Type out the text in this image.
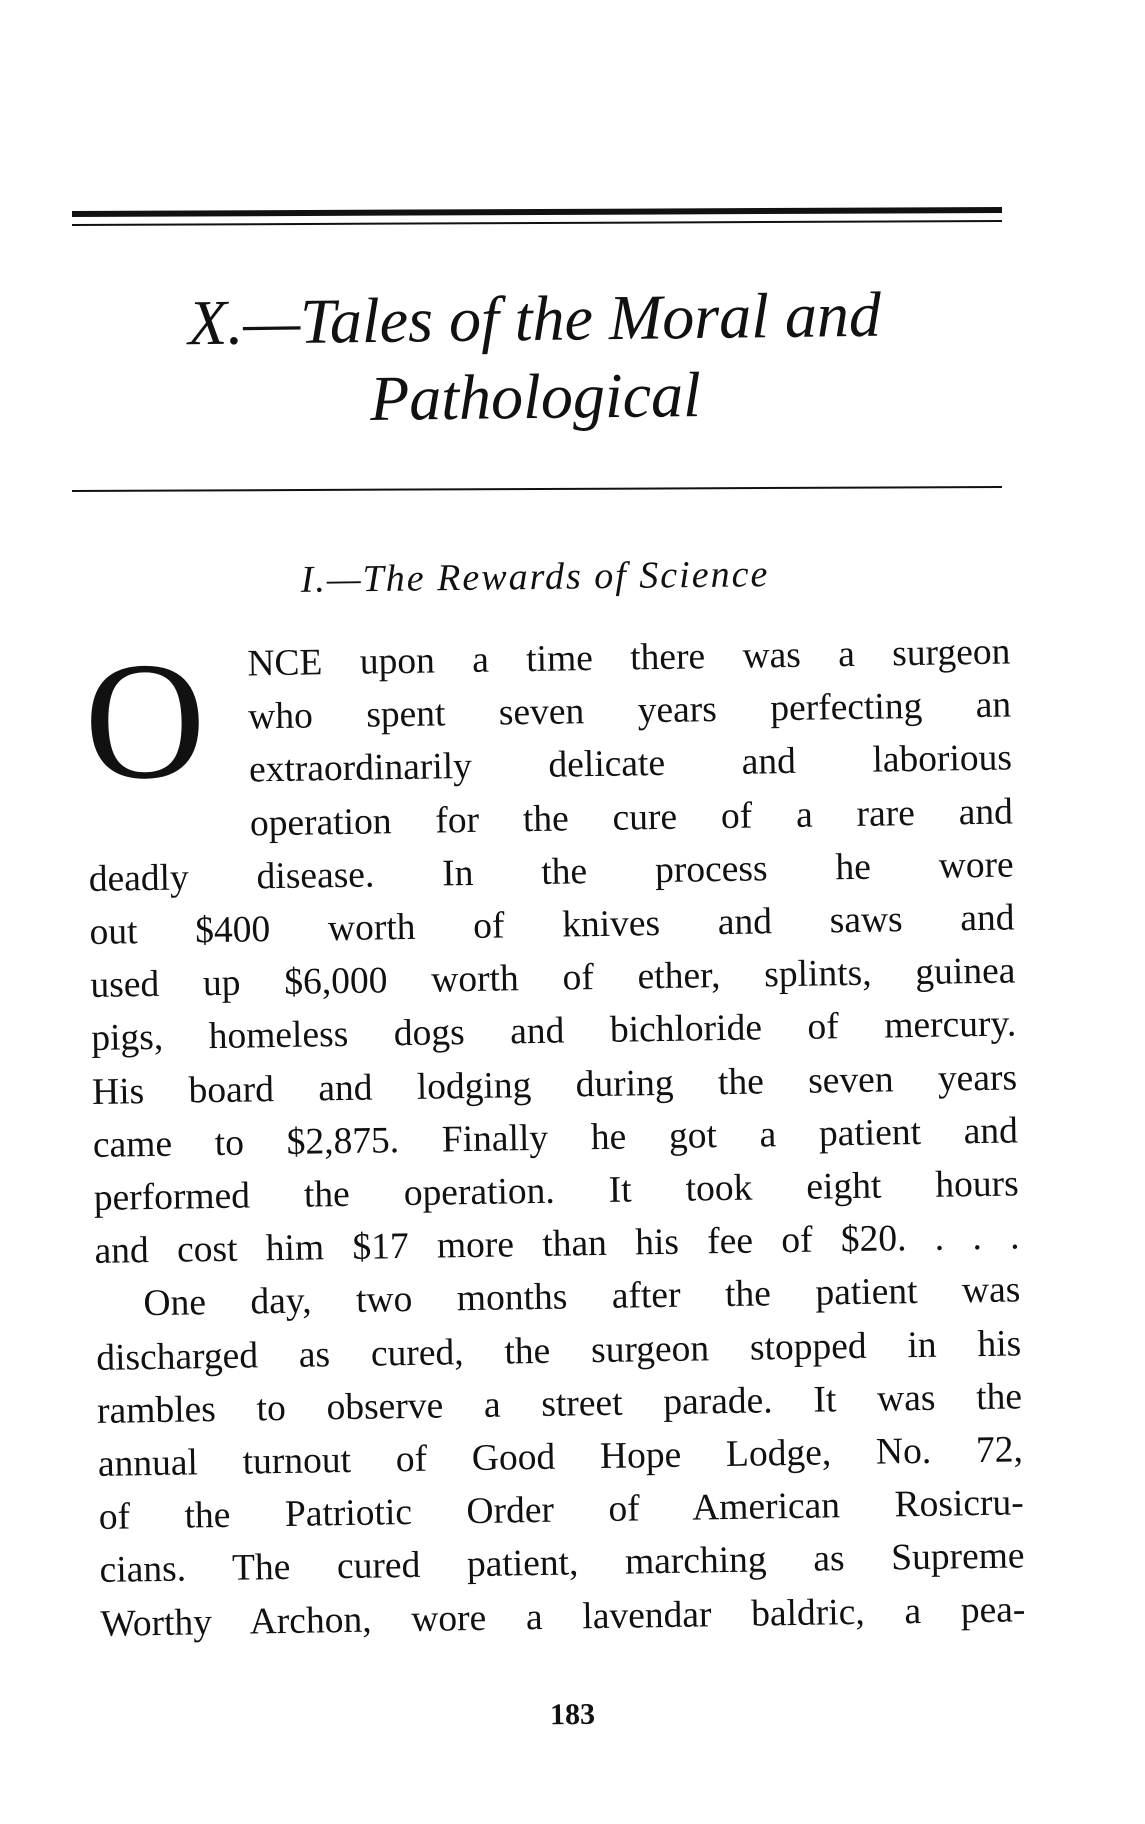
X.—Tales of the Moral and
Pathological
I.—The Rewards of Science
O	NCE upon a time there was a surgeon
who spent seven years perfecting an
extraordinarily delicate and laborious
operation for the cure of a rare and
deadly disease. In the process he wore
out $400 worth of knives and saws and
used up $6,000 worth of ether, splints, guinea
pigs, homeless dogs and bichloride of mercury.
His board and lodging during the seven years
came to $2,875. Finally he got a patient and
performed the operation. It took eight hours
and cost him $17 more than his fee of $20. . . .
One day, two months after the patient was
discharged as cured, the surgeon stopped in his
rambles to observe a street parade. It was the
annual turnout of Good Hope Lodge, No. 72,
of the Patriotic Order of American Rosicru-
cians. The cured patient, marching as Supreme
Worthy Archon, wore a lavendar baldric, a pea-
183
